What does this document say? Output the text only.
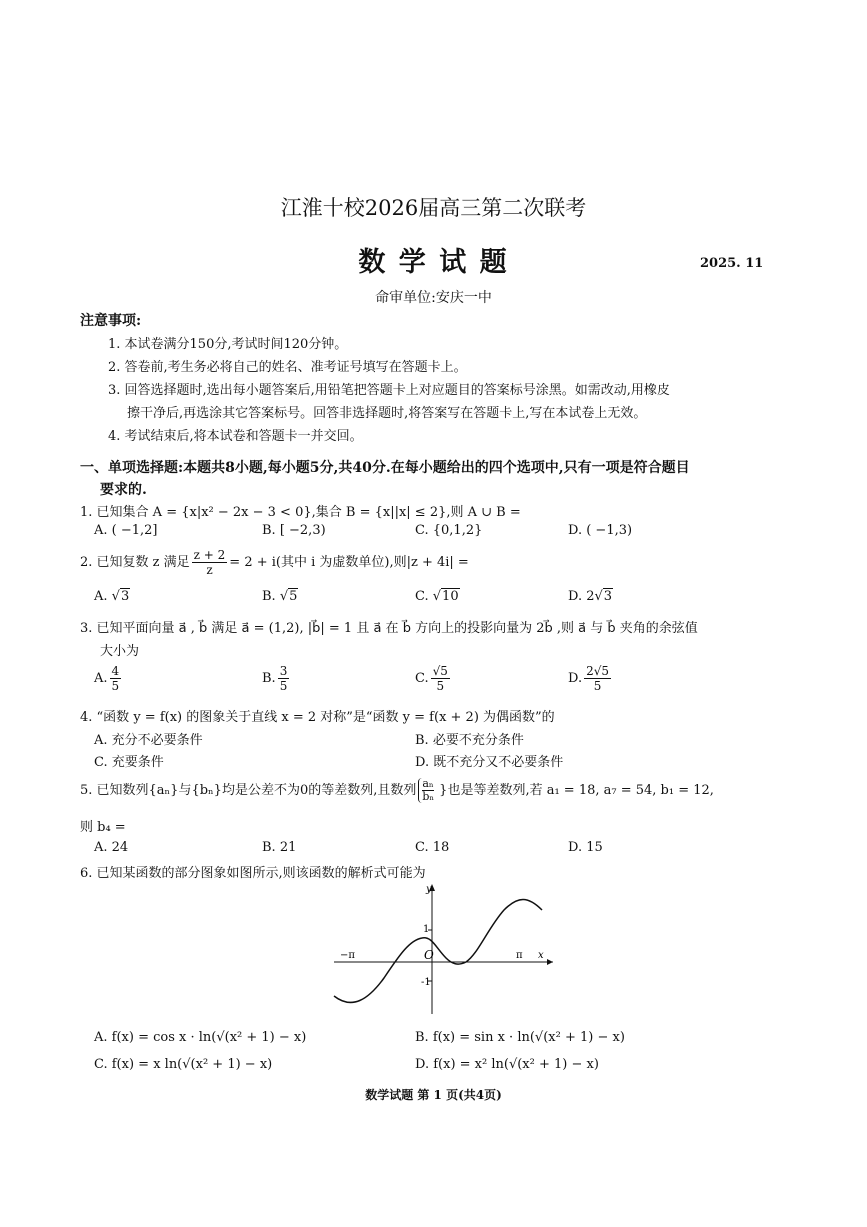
江淮十校2026届高三第二次联考
数 学 试 题	2025. 11
命审单位:安庆一中
注意事项:
1. 本试卷满分150分,考试时间120分钟。
2. 答卷前,考生务必将自己的姓名、准考证号填写在答题卡上。
3. 回答选择题时,选出每小题答案后,用铅笔把答题卡上对应题目的答案标号涂黑。如需改动,用橡皮
擦干净后,再选涂其它答案标号。回答非选择题时,将答案写在答题卡上,写在本试卷上无效。
4. 考试结束后,将本试卷和答题卡一并交回。
一、单项选择题:本题共8小题,每小题5分,共40分.在每小题给出的四个选项中,只有一项是符合题目
要求的.
1. 已知集合 A = {x|x² − 2x − 3 < 0},集合 B = {x||x| ≤ 2},则 A ∪ B =
A. ( −1,2]	B. [ −2,3)	C. {0,1,2}	D. ( −1,3)
2. 已知复数 z 满足 $\frac{z + 2}{z} = 2 + i$(其中 i 为虚数单位),则|z + 4i| =
A. √3	B. √5	C. √10	D. 2√3
3. 已知平面向量 a⃗ , b⃗ 满足 a⃗ = (1,2), |b⃗| = 1 且 a⃗ 在 b⃗ 方向上的投影向量为 2b⃗ ,则 a⃗ 与 b⃗ 夹角的余弦值
大小为
A. $\frac{4}{5}$	B. $\frac{3}{5}$	C. $\frac{√5}{5}$	D. $\frac{2√5}{5}$
4. “函数 y = f(x) 的图象关于直线 x = 2 对称”是“函数 y = f(x + 2) 为偶函数”的
A. 充分不必要条件	B. 必要不充分条件
C. 充要条件	D. 既不充分又不必要条件
5. 已知数列{aₙ}与{bₙ}均是公差不为0的等差数列,且数列 $\frac{\text{aₙ}}{\text{bₙ}}$ }也是等差数列,若 a₁ = 18, a₇ = 54, b₁ = 12,
则 b₄ =
A. 24	B. 21	C. 18	D. 15
6. 已知某函数的部分图象如图所示,则该函数的解析式可能为
y
x
O
1
-1
−π	π
A. f(x) = cos x · ln(√(x² + 1) − x)	B. f(x) = sin x · ln(√(x² + 1) − x)
C. f(x) = x ln(√(x² + 1) − x)	D. f(x) = x² ln(√(x² + 1) − x)
数学试题 第 1 页(共4页)
